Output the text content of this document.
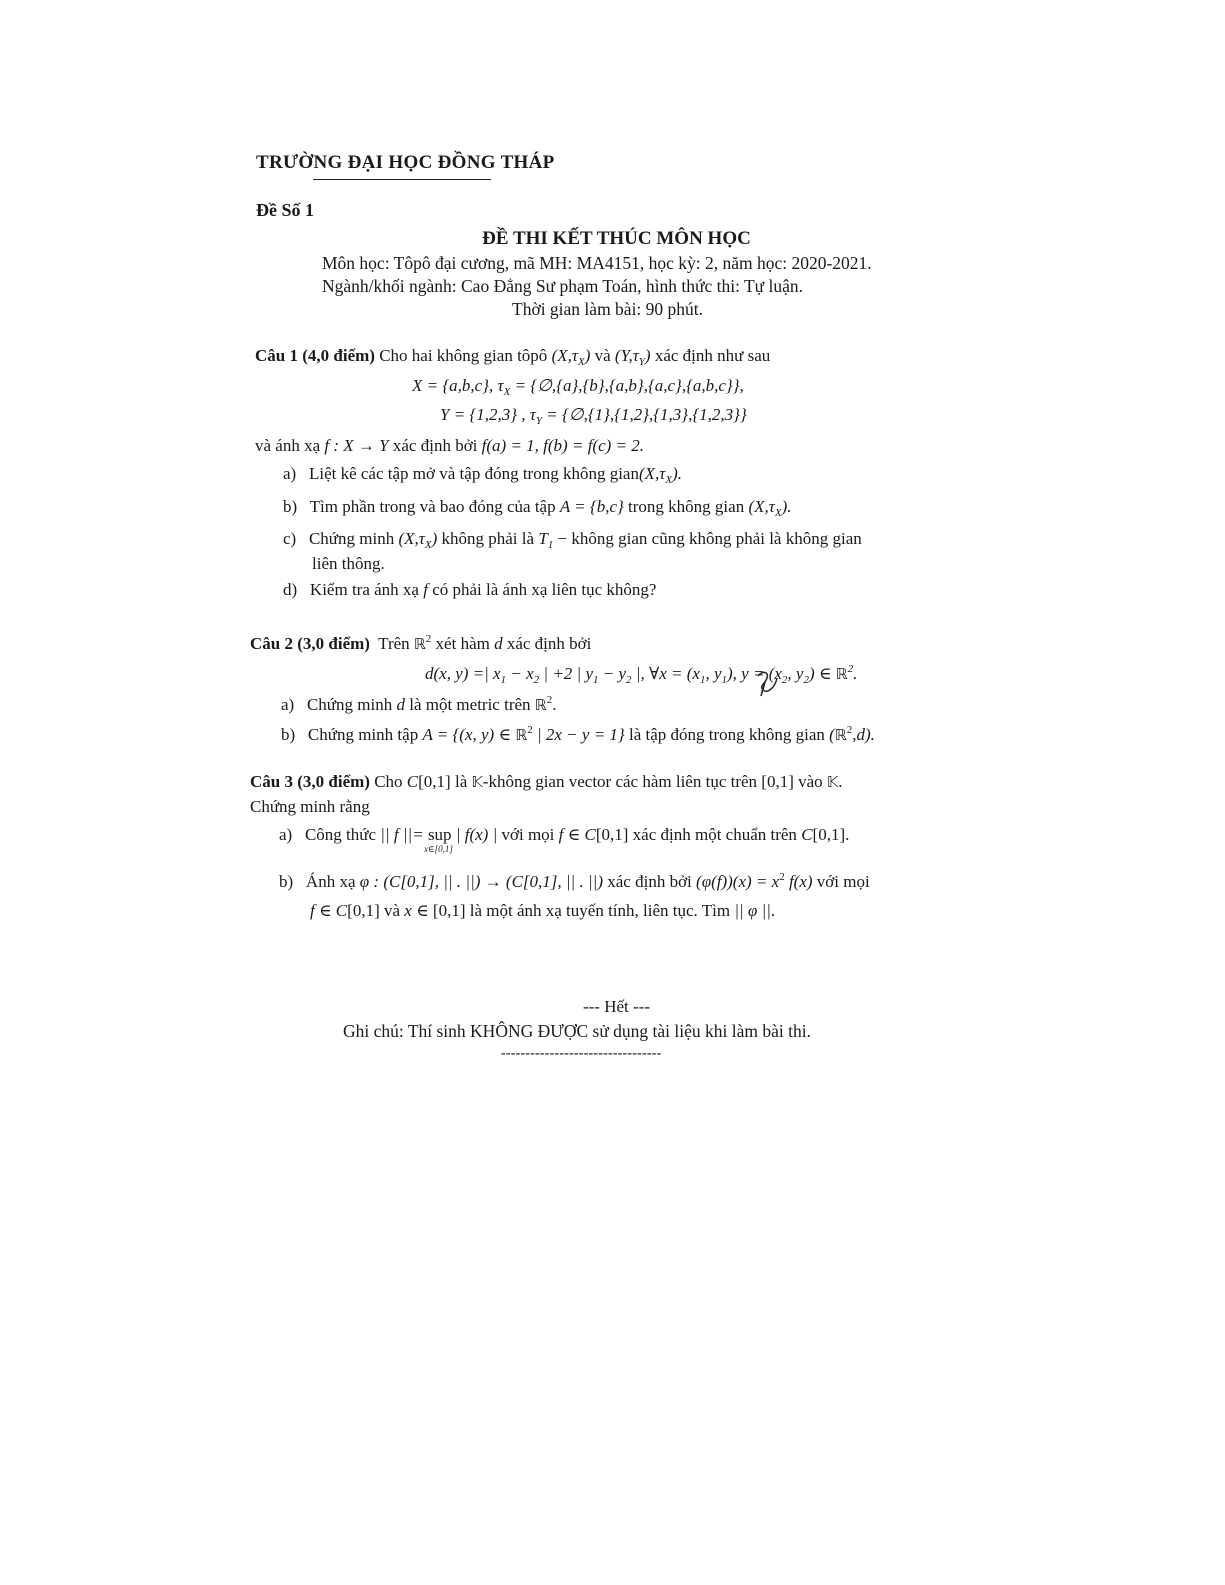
TRƯỜNG ĐẠI HỌC ĐỒNG THÁP
Đề Số 1
ĐỀ THI KẾT THÚC MÔN HỌC
Môn học: Tôpô đại cương, mã MH: MA4151, học kỳ: 2, năm học: 2020-2021.
Ngành/khối ngành: Cao Đẳng Sư phạm Toán, hình thức thi: Tự luận.
Thời gian làm bài: 90 phút.
Câu 1 (4,0 điểm) Cho hai không gian tôpô $(X,\tau_X)$ và $(Y,\tau_Y)$ xác định như sau
X = {a,b,c}, $\tau_X$ = {∅,{a},{b},{a,b},{a,c},{a,b,c}},
Y = {1,2,3} , $\tau_Y$ = {∅,{1},{1,2},{1,3},{1,2,3}}
và ánh xạ f : X → Y xác định bởi f(a) = 1, f(b) = f(c) = 2.
a) Liệt kê các tập mở và tập đóng trong không $gian(X,\tau_X)$.
b) Tìm phần trong và bao đóng của tập A = {b,c} trong không gian $(X,\tau_X)$.
c) Chứng minh $(X,\tau_X)$ không phải là $T_1$ − không gian cũng không phải là không gian
liên thông.
d) Kiểm tra ánh xạ f có phải là ánh xạ liên tục không?
Câu 2 (3,0 điểm) Trên ℝ$^2$ xét hàm d xác định bởi
d(x, y) =| $x_1 - x_2$ | +2 | $y_1 - y_2$ |, ∀x = ($x_1$, $y_1$), $y = (x_2$, $y_2$) ∈ ℝ$^2$.
a) Chứng minh d là một metric trên ℝ$^2$.
b) Chứng minh tập A = {(x, y) ∈ ℝ$^2$ | 2x − y = 1} là tập đóng trong không gian (ℝ$^2$,d).
Câu 3 (3,0 điểm) Cho C[0,1] là 𝕂-không gian vector các hàm liên tục trên [0,1] vào 𝕂.
Chứng minh rằng
a) Công thức || f ||= sup
x∈[0,1]
| f(x) | với mọi f ∈ C[0,1] xác định một chuẩn trên C[0,1].
b) Ánh xạ φ : (C[0,1], || . ||) → (C[0,1], || . ||) xác định bởi $(\varphi(f))(x) = x^2$ f(x) với mọi
f ∈ C[0,1] và x ∈ [0,1] là một ánh xạ tuyến tính, liên tục. Tìm || φ ||.
--- Hết ---
Ghi chú: Thí sinh KHÔNG ĐƯỢC sử dụng tài liệu khi làm bài thi.
---------------------------------
